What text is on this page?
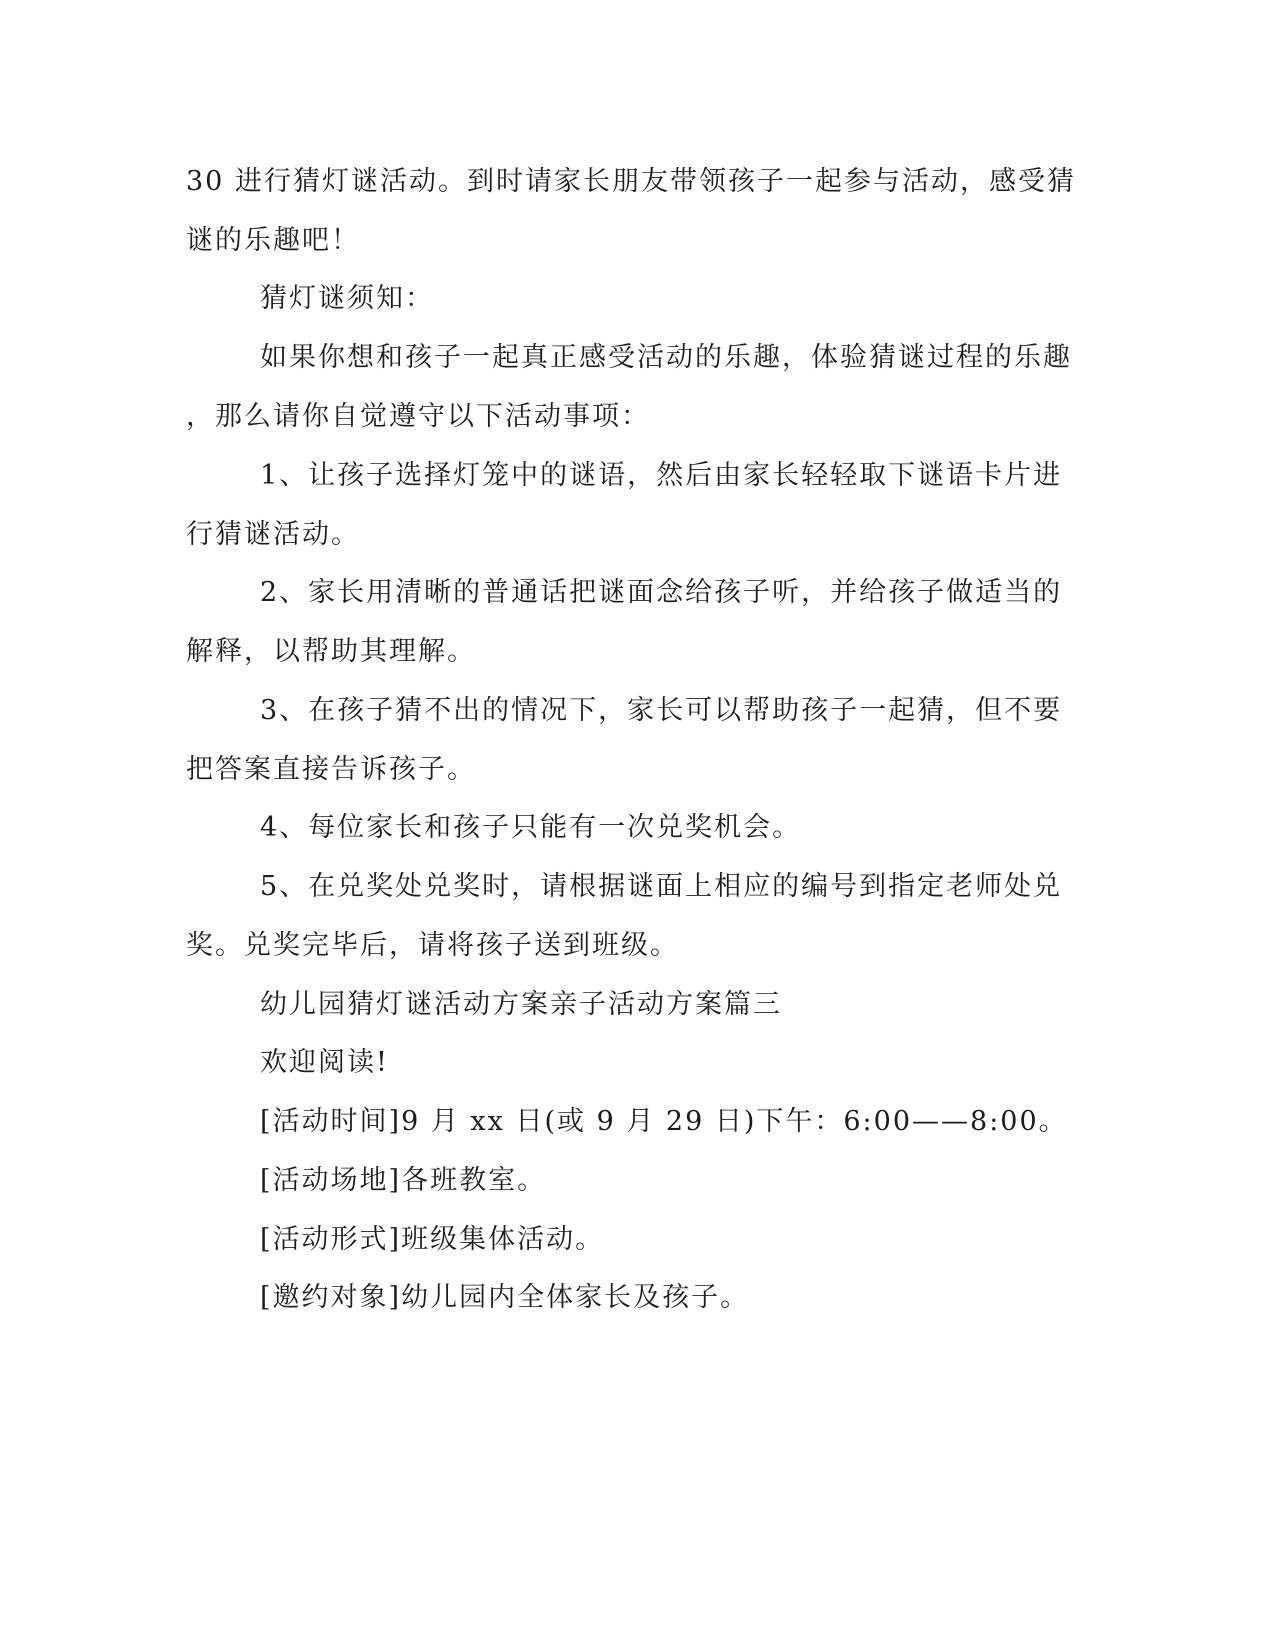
30 进行猜灯谜活动。到时请家长朋友带领孩子一起参与活动，感受猜
谜的乐趣吧！
猜灯谜须知：
如果你想和孩子一起真正感受活动的乐趣，体验猜谜过程的乐趣
，那么请你自觉遵守以下活动事项：
1、让孩子选择灯笼中的谜语，然后由家长轻轻取下谜语卡片进
行猜谜活动。
2、家长用清晰的普通话把谜面念给孩子听，并给孩子做适当的
解释，以帮助其理解。
3、在孩子猜不出的情况下，家长可以帮助孩子一起猜，但不要
把答案直接告诉孩子。
4、每位家长和孩子只能有一次兑奖机会。
5、在兑奖处兑奖时，请根据谜面上相应的编号到指定老师处兑
奖。兑奖完毕后，请将孩子送到班级。
幼儿园猜灯谜活动方案亲子活动方案篇三
欢迎阅读!
[活动时间]9 月 xx 日(或 9 月 29 日)下午：6:00——8:00。
[活动场地]各班教室。
[活动形式]班级集体活动。
[邀约对象]幼儿园内全体家长及孩子。
